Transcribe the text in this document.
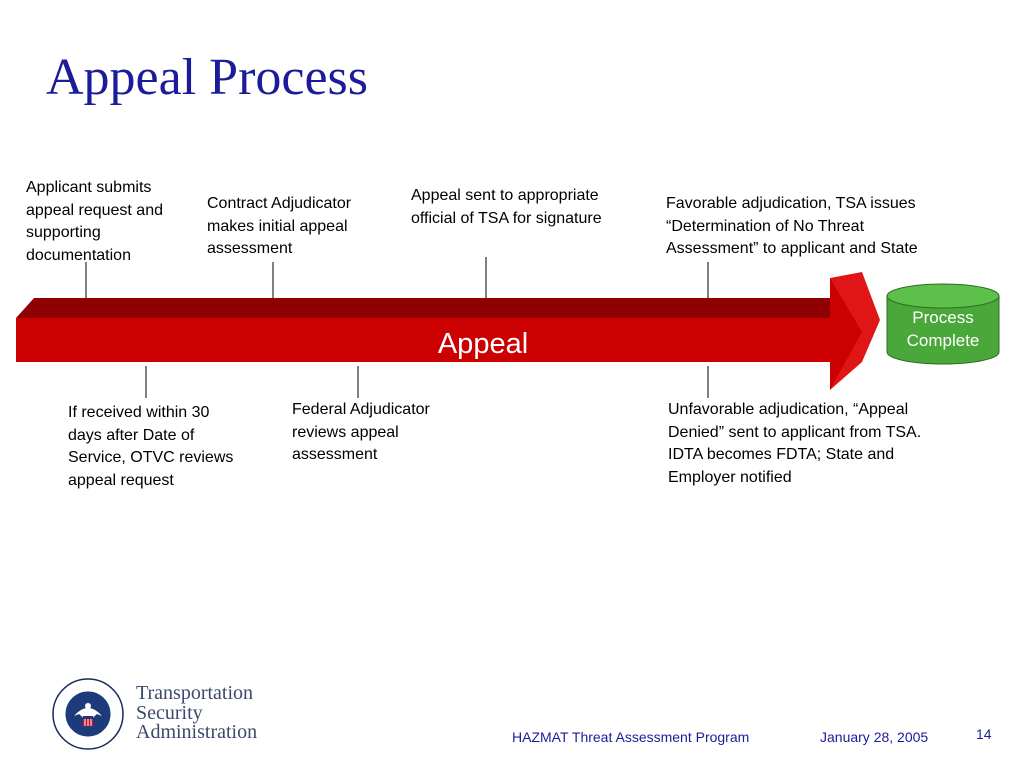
Appeal Process
Appeal
Process
Complete
Applicant submits
appeal request and
supporting
documentation
Contract Adjudicator
makes initial appeal
assessment
Appeal sent to appropriate
official of TSA for signature
Favorable adjudication, TSA issues
“Determination of No Threat
Assessment” to applicant and State
If received within 30
days after Date of
Service, OTVC reviews
appeal request
Federal Adjudicator
reviews appeal
assessment
Unfavorable adjudication, “Appeal
Denied” sent to applicant from TSA.
IDTA becomes FDTA; State and
Employer notified
Transportation
Security
Administration	HAZMAT Threat Assessment Program	January 28, 2005	14
